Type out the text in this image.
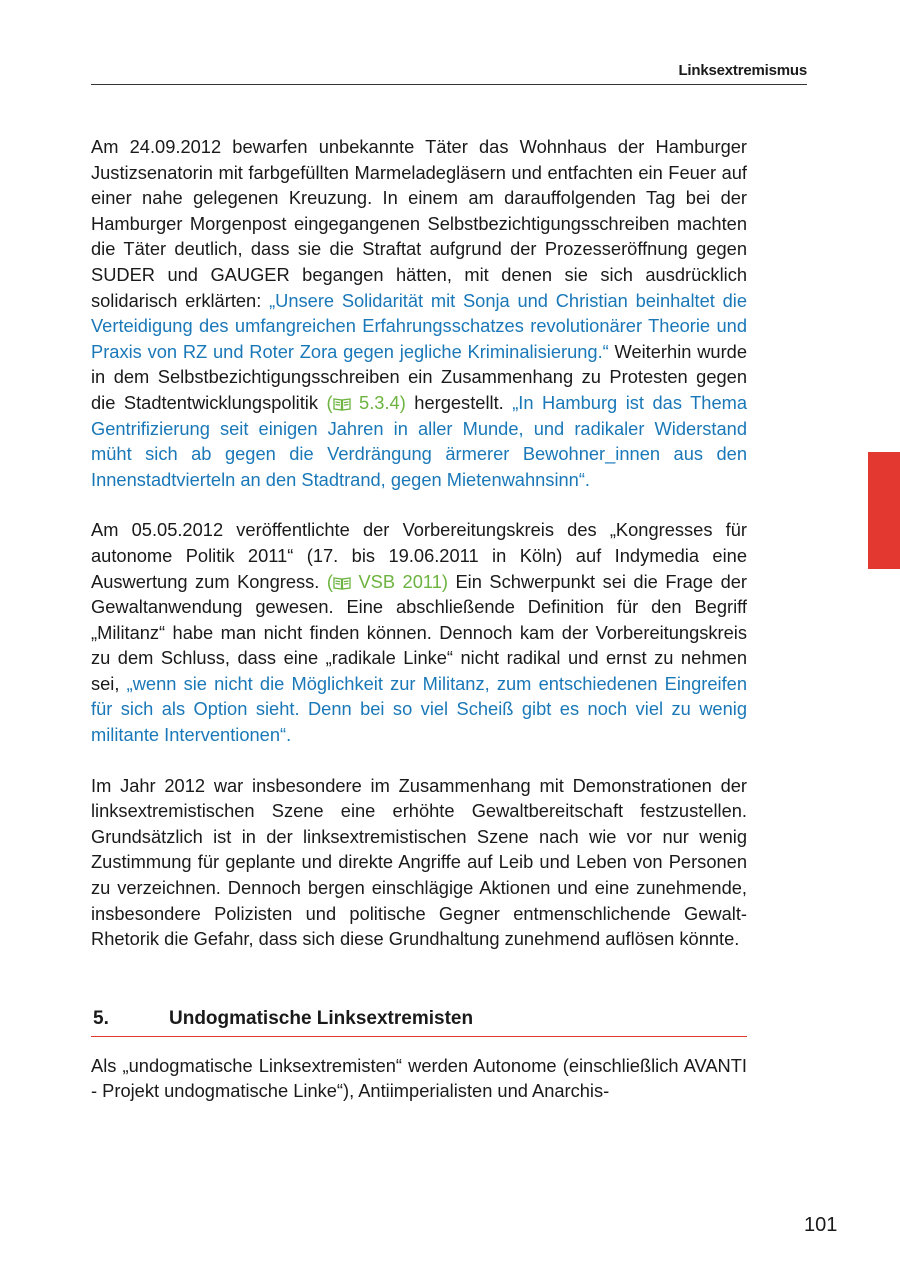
Linksextremismus

Am 24.09.2012 bewarfen unbekannte Täter das Wohnhaus der Hamburger Justizsenatorin mit farbgefüllten Marmeladegläsern und entfachten ein Feuer auf einer nahe gelegenen Kreuzung. In einem am darauffolgenden Tag bei der Hamburger Morgenpost eingegangenen Selbstbezichtigungsschreiben machten die Täter deutlich, dass sie die Straftat aufgrund der Prozesseröffnung gegen SUDER und GAUGER begangen hätten, mit denen sie sich ausdrücklich solidarisch erklärten: „Unsere Solidarität mit Sonja und Christian beinhaltet die Verteidigung des umfangreichen Erfahrungsschatzes revolutionärer Theorie und Praxis von RZ und Roter Zora gegen jegliche Kriminalisierung.“ Weiterhin wurde in dem Selbstbezichtigungsschreiben ein Zusammenhang zu Protesten gegen die Stadtentwicklungspolitik ( 5.3.4) hergestellt. „In Hamburg ist das Thema Gentrifizierung seit einigen Jahren in aller Munde, und radikaler Widerstand müht sich ab gegen die Verdrängung ärmerer Bewohner_innen aus den Innenstadtvierteln an den Stadtrand, gegen Mietenwahnsinn“.

Am 05.05.2012 veröffentlichte der Vorbereitungskreis des „Kongresses für autonome Politik 2011“ (17. bis 19.06.2011 in Köln) auf Indymedia eine Auswertung zum Kongress. ( VSB 2011) Ein Schwerpunkt sei die Frage der Gewaltanwendung gewesen. Eine abschließende Definition für den Begriff „Militanz“ habe man nicht finden können. Dennoch kam der Vorbereitungskreis zu dem Schluss, dass eine „radikale Linke“ nicht radikal und ernst zu nehmen sei, „wenn sie nicht die Möglichkeit zur Militanz, zum entschiedenen Eingreifen für sich als Option sieht. Denn bei so viel Scheiß gibt es noch viel zu wenig militante Interventionen“.

Im Jahr 2012 war insbesondere im Zusammenhang mit Demonstrationen der linksextremistischen Szene eine erhöhte Gewaltbereitschaft festzustellen. Grundsätzlich ist in der linksextremistischen Szene nach wie vor nur wenig Zustimmung für geplante und direkte Angriffe auf Leib und Leben von Personen zu verzeichnen. Dennoch bergen einschlägige Aktionen und eine zunehmende, insbesondere Polizisten und politische Gegner entmenschlichende Gewalt-Rhetorik die Gefahr, dass sich diese Grundhaltung zunehmend auflösen könnte.

5.	Undogmatische Linksextremisten

Als „undogmatische Linksextremisten“ werden Autonome (einschließlich AVANTI - Projekt undogmatische Linke“), Antiimperialisten und Anarchis-

101
